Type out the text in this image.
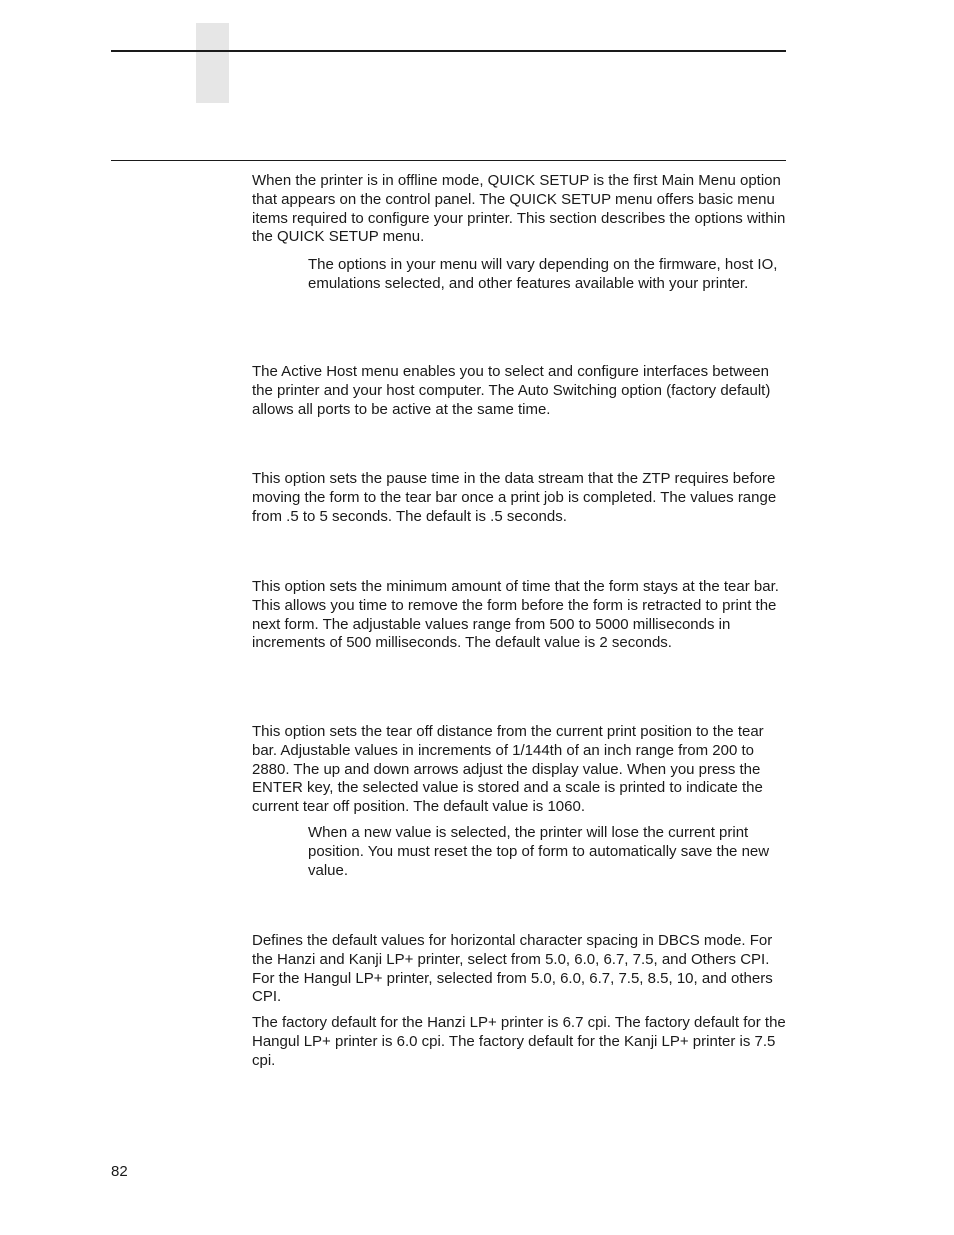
When the printer is in offline mode, QUICK SETUP is the first Main Menu option that appears on the control panel. The QUICK SETUP menu offers basic menu items required to configure your printer. This section describes the options within the QUICK SETUP menu.

The options in your menu will vary depending on the firmware, host IO, emulations selected, and other features available with your printer.

The Active Host menu enables you to select and configure interfaces between the printer and your host computer. The Auto Switching option (factory default) allows all ports to be active at the same time.

This option sets the pause time in the data stream that the ZTP requires before moving the form to the tear bar once a print job is completed. The values range from .5 to 5 seconds. The default is .5 seconds.

This option sets the minimum amount of time that the form stays at the tear bar. This allows you time to remove the form before the form is retracted to print the next form. The adjustable values range from 500 to 5000 milliseconds in increments of 500 milliseconds. The default value is 2 seconds.

This option sets the tear off distance from the current print position to the tear bar. Adjustable values in increments of 1/144th of an inch range from 200 to 2880. The up and down arrows adjust the display value. When you press the ENTER key, the selected value is stored and a scale is printed to indicate the current tear off position. The default value is 1060.

When a new value is selected, the printer will lose the current print position. You must reset the top of form to automatically save the new value.

Defines the default values for horizontal character spacing in DBCS mode. For the Hanzi and Kanji LP+ printer, select from 5.0, 6.0, 6.7, 7.5, and Others CPI. For the Hangul LP+ printer, selected from 5.0, 6.0, 6.7, 7.5, 8.5, 10, and others CPI.

The factory default for the Hanzi LP+ printer is 6.7 cpi. The factory default for the Hangul LP+ printer is 6.0 cpi. The factory default for the Kanji LP+ printer is 7.5 cpi.

82
